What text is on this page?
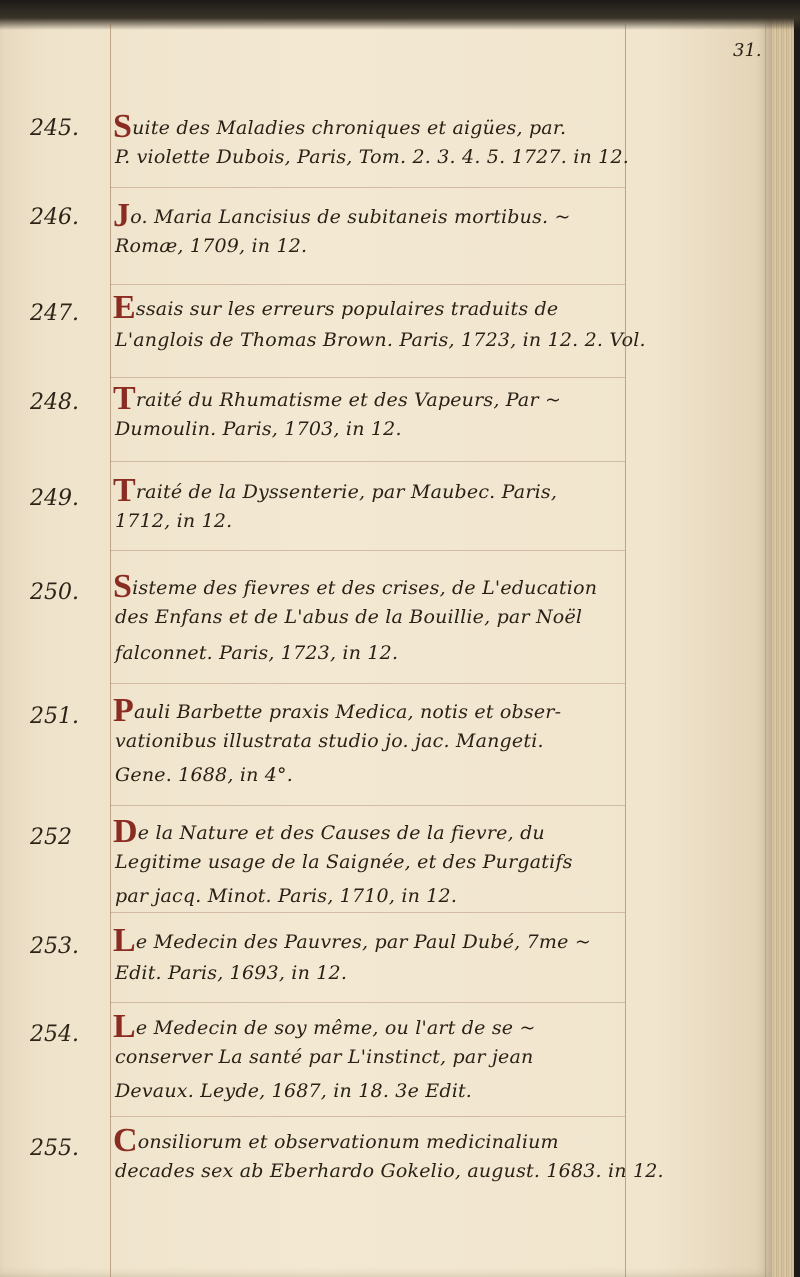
31.
245.	Suite des Maladies chroniques et aigües, par.
P. violette Dubois, Paris, Tom. 2. 3. 4. 5. 1727. in 12.
246.	Jo. Maria Lancisius de subitaneis mortibus. ~
Romæ, 1709, in 12.
247.	Essais sur les erreurs populaires traduits de
L'anglois de Thomas Brown. Paris, 1723, in 12. 2. Vol.
248.	Traité du Rhumatisme et des Vapeurs, Par ~
Dumoulin. Paris, 1703, in 12.
249.	Traité de la Dyssenterie, par Maubec. Paris,
1712, in 12.
250.	Sisteme des fievres et des crises, de L'education
des Enfans et de L'abus de la Bouillie, par Noël
falconnet. Paris, 1723, in 12.
251.	Pauli Barbette praxis Medica, notis et obser-
vationibus illustrata studio jo. jac. Mangeti.
Gene. 1688, in 4°.
252	De la Nature et des Causes de la fievre, du
Legitime usage de la Saignée, et des Purgatifs
par jacq. Minot. Paris, 1710, in 12.
253.	Le Medecin des Pauvres, par Paul Dubé, 7me ~
Edit. Paris, 1693, in 12.
254.	Le Medecin de soy même, ou l'art de se ~
conserver La santé par L'instinct, par jean
Devaux. Leyde, 1687, in 18. 3e Edit.
255.	Consiliorum et observationum medicinalium
decades sex ab Eberhardo Gokelio, august. 1683. in 12.
